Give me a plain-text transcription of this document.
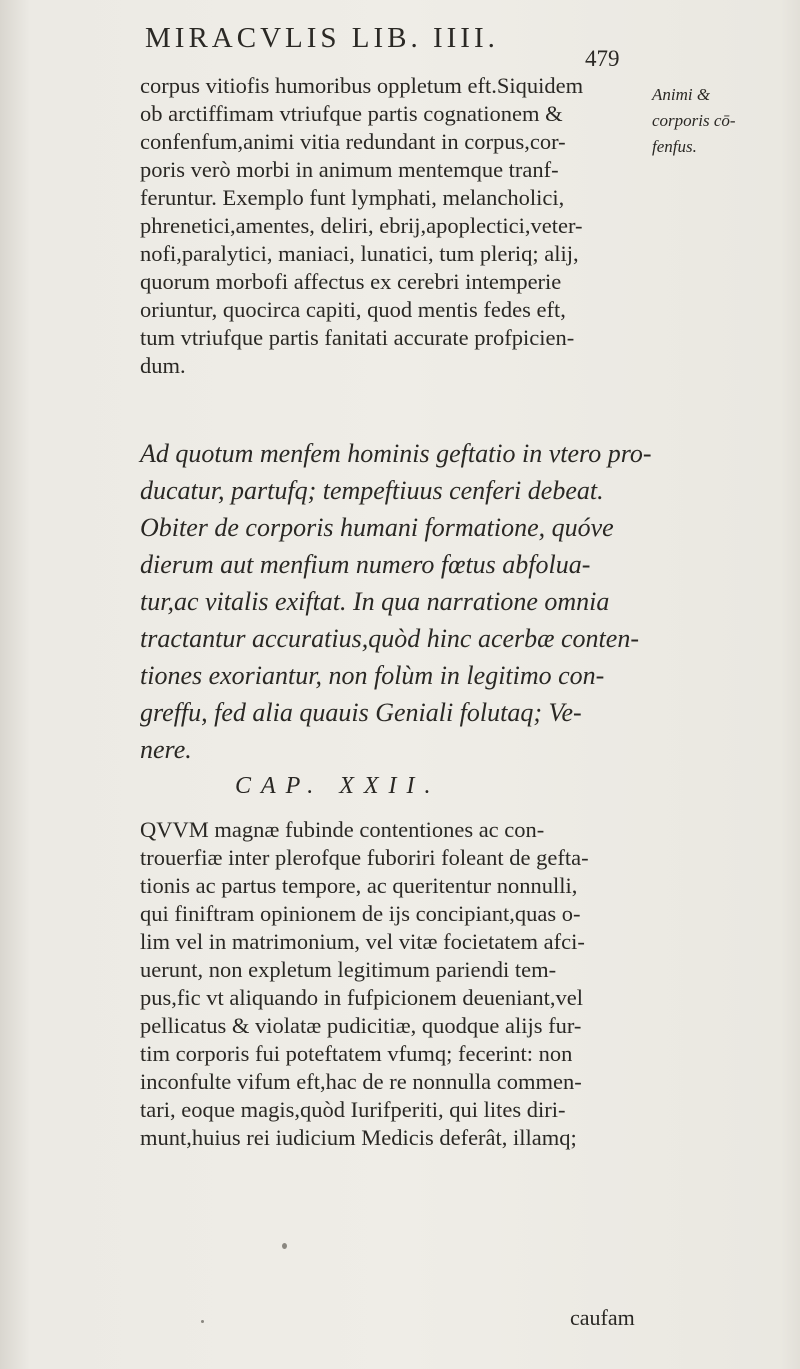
MIRACVLIS LIB. IIII.
479
corpus vitiofis humoribus oppletum eft.Siquidem
ob arctiffimam vtriufque partis cognationem &
confenfum,animi vitia redundant in corpus,cor-
poris verò morbi in animum mentemque tranf-
feruntur. Exemplo funt lymphati, melancholici,
phrenetici,amentes, deliri, ebrij,apoplectici,veter-
nofi,paralytici, maniaci, lunatici, tum pleriq; alij,
quorum morbofi affectus ex cerebri intemperie
oriuntur, quocirca capiti, quod mentis fedes eft,
tum vtriufque partis fanitati accurate profpicien-
dum.
Animi &
corporis cō-
fenfus.
Ad quotum menfem hominis geftatio in vtero pro-
ducatur, partufq; tempeftiuus cenferi debeat.
Obiter de corporis humani formatione, quóve
dierum aut menfium numero fœtus abfolua-
tur,ac vitalis exiftat. In qua narratione omnia
tractantur accuratius,quòd hinc acerbæ conten-
tiones exoriantur, non folùm in legitimo con-
greffu, fed alia quauis Geniali folutaq; Ve-
nere.
CAP. XXII.
QVVM magnæ fubinde contentiones ac con-
trouerfiæ inter plerofque fuboriri foleant de gefta-
tionis ac partus tempore, ac queritentur nonnulli,
qui finiftram opinionem de ijs concipiant,quas o-
lim vel in matrimonium, vel vitæ focietatem afci-
uerunt, non expletum legitimum pariendi tem-
pus,fic vt aliquando in fufpicionem deueniant,vel
pellicatus & violatæ pudicitiæ, quodque alijs fur-
tim corporis fui poteftatem vfumq; fecerint: non
inconfulte vifum eft,hac de re nonnulla commen-
tari, eoque magis,quòd Iurifperiti, qui lites diri-
munt,huius rei iudicium Medicis deferât, illamq;
caufam
